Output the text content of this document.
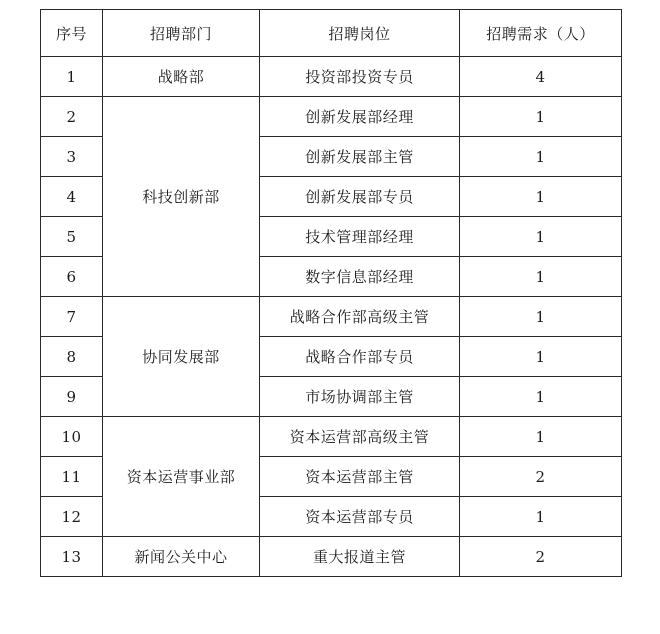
序号	招聘部门	招聘岗位	招聘需求（人）
1	战略部	投资部投资专员	4
2	科技创新部	创新发展部经理	1
3		创新发展部主管	1
4		创新发展部专员	1
5		技术管理部经理	1
6		数字信息部经理	1
7	协同发展部	战略合作部高级主管	1
8		战略合作部专员	1
9		市场协调部主管	1
10	资本运营事业部	资本运营部高级主管	1
11		资本运营部主管	2
12		资本运营部专员	1
13	新闻公关中心	重大报道主管	2
